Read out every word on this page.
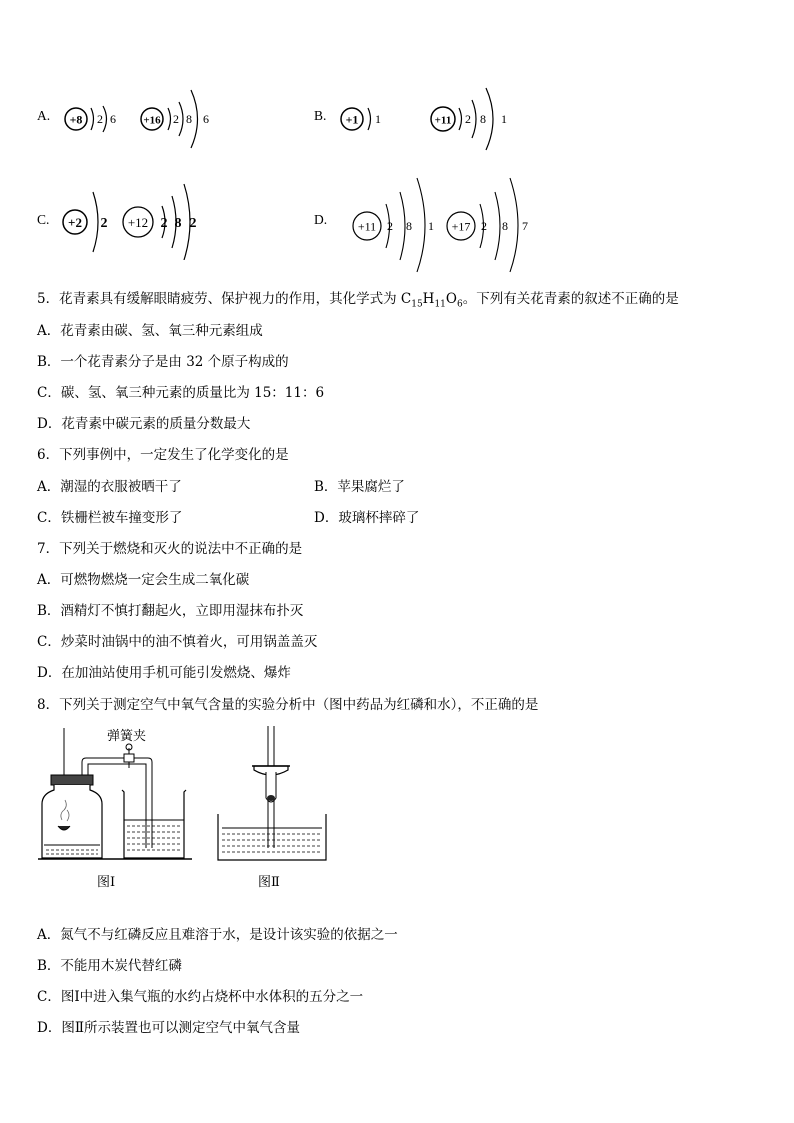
A. +8 2 6 +16 2 8 6	B. +1 1	+11 2 8 1
C. +2 2 +12 2 8 2	D.	+11 2 8 1 +17 2 8 7
5．花青素具有缓解眼睛疲劳、保护视力的作用，其化学式为 $C_{15}H_{11}O_6$。下列有关花青素的叙述不正确的是
A．花青素由碳、氢、氧三种元素组成
B．一个花青素分子是由 32 个原子构成的
C．碳、氢、氧三种元素的质量比为 15：11：6
D．花青素中碳元素的质量分数最大
6．下列事例中，一定发生了化学变化的是
A．潮湿的衣服被晒干了	B．苹果腐烂了
C．铁栅栏被车撞变形了	D．玻璃杯摔碎了
7．下列关于燃烧和灭火的说法中不正确的是
A．可燃物燃烧一定会生成二氧化碳
B．酒精灯不慎打翻起火，立即用湿抹布扑灭
C．炒菜时油锅中的油不慎着火，可用锅盖盖灭
D．在加油站使用手机可能引发燃烧、爆炸
8．下列关于测定空气中氧气含量的实验分析中（图中药品为红磷和水），不正确的是
弹簧夹
图Ⅰ	图Ⅱ
A．氮气不与红磷反应且难溶于水，是设计该实验的依据之一
B．不能用木炭代替红磷
C．图Ⅰ中进入集气瓶的水约占烧杯中水体积的五分之一
D．图Ⅱ所示装置也可以测定空气中氧气含量
